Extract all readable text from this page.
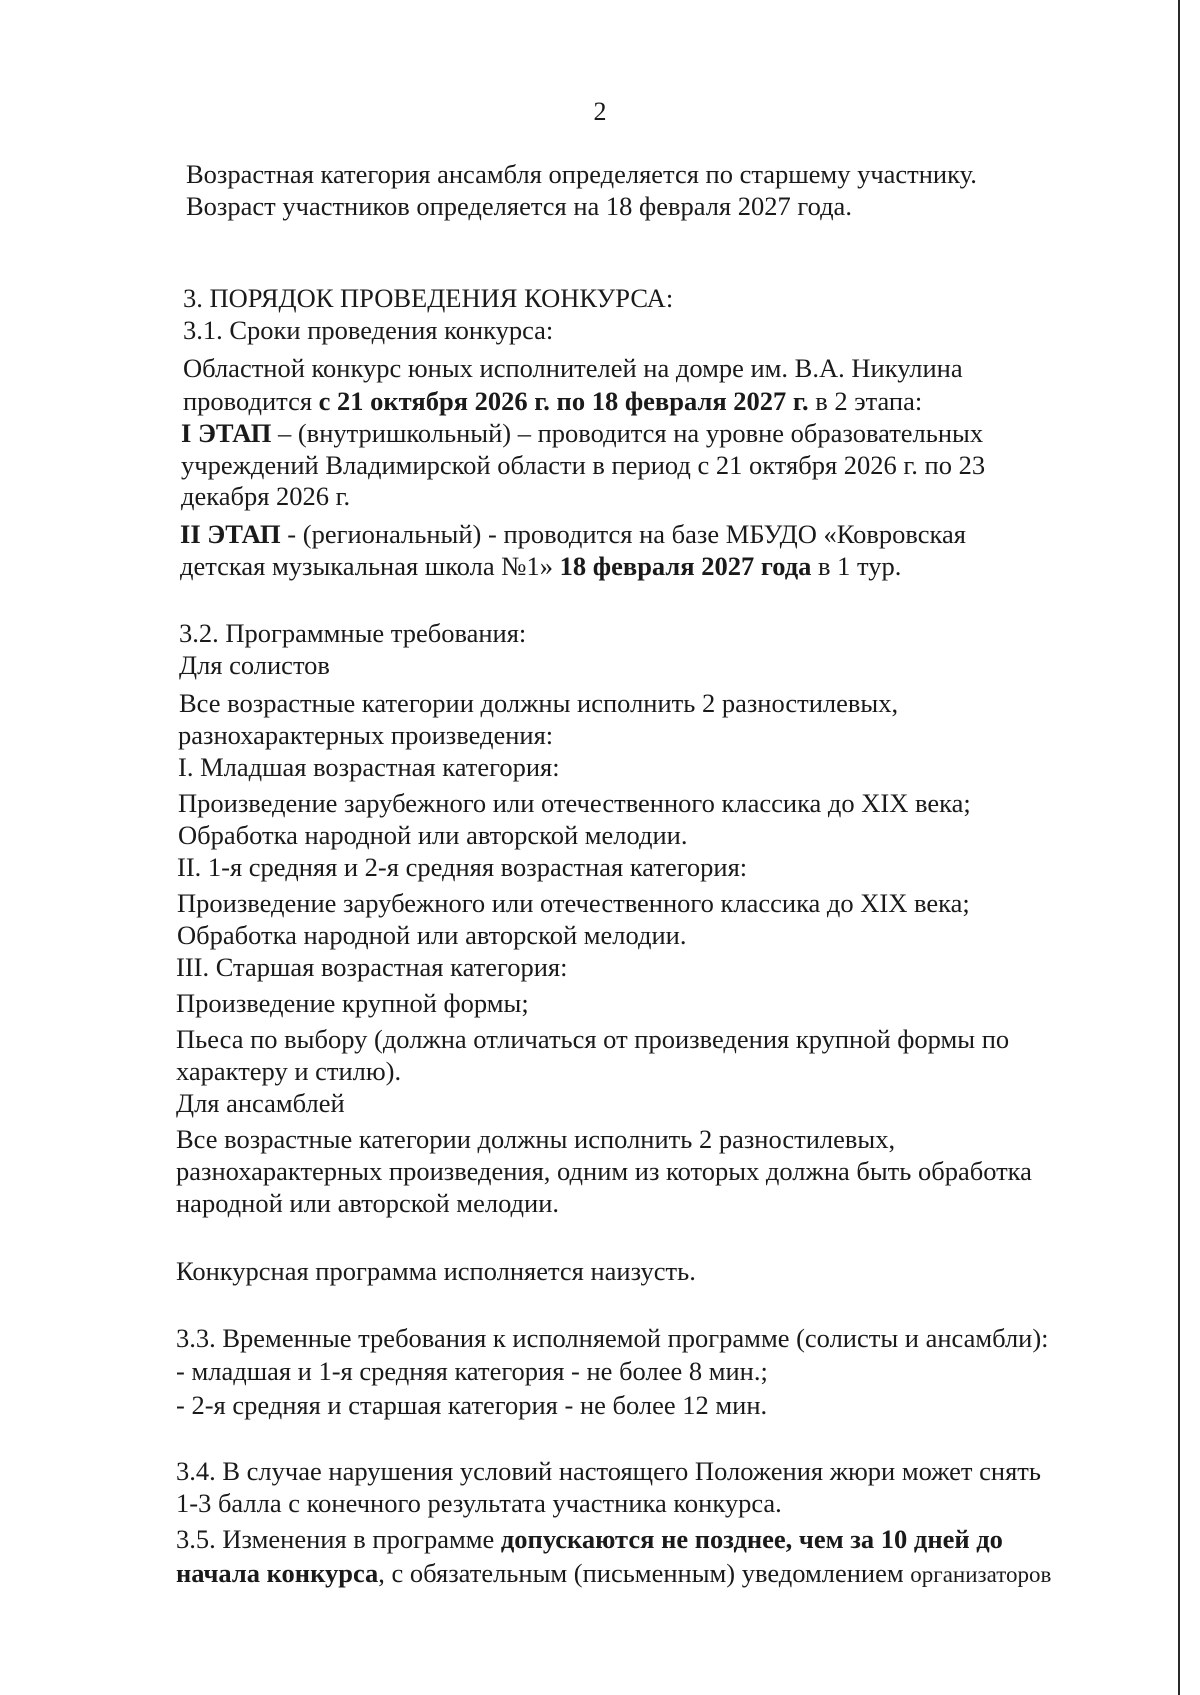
2
Возрастная категория ансамбля определяется по старшему участнику.
Возраст участников определяется на 18 февраля 2027 года.
3. ПОРЯДОК ПРОВЕДЕНИЯ КОНКУРСА:
3.1. Сроки проведения конкурса:
Областной конкурс юных исполнителей на домре им. В.А. Никулина
проводится с 21 октября 2026 г. по 18 февраля 2027 г. в 2 этапа:
I ЭТАП – (внутришкольный) – проводится на уровне образовательных
учреждений Владимирской области в период с 21 октября 2026 г. по 23
декабря 2026 г.
II ЭТАП - (региональный) - проводится на базе МБУДО «Ковровская
детская музыкальная школа №1» 18 февраля 2027 года в 1 тур.
3.2. Программные требования:
Для солистов
Все возрастные категории должны исполнить 2 разностилевых,
разнохарактерных произведения:
I. Младшая возрастная категория:
Произведение зарубежного или отечественного классика до XIX века;
Обработка народной или авторской мелодии.
II. 1-я средняя и 2-я средняя возрастная категория:
Произведение зарубежного или отечественного классика до XIX века;
Обработка народной или авторской мелодии.
III. Старшая возрастная категория:
Произведение крупной формы;
Пьеса по выбору (должна отличаться от произведения крупной формы по
характеру и стилю).
Для ансамблей
Все возрастные категории должны исполнить 2 разностилевых,
разнохарактерных произведения, одним из которых должна быть обработка
народной или авторской мелодии.
Конкурсная программа исполняется наизусть.
3.3. Временные требования к исполняемой программе (солисты и ансамбли):
- младшая и 1-я средняя категория - не более 8 мин.;
- 2-я средняя и старшая категория - не более 12 мин.
3.4. В случае нарушения условий настоящего Положения жюри может снять
1-3 балла с конечного результата участника конкурса.
3.5. Изменения в программе допускаются не позднее, чем за 10 дней до
начала конкурса, с обязательным (письменным) уведомлением организаторов
